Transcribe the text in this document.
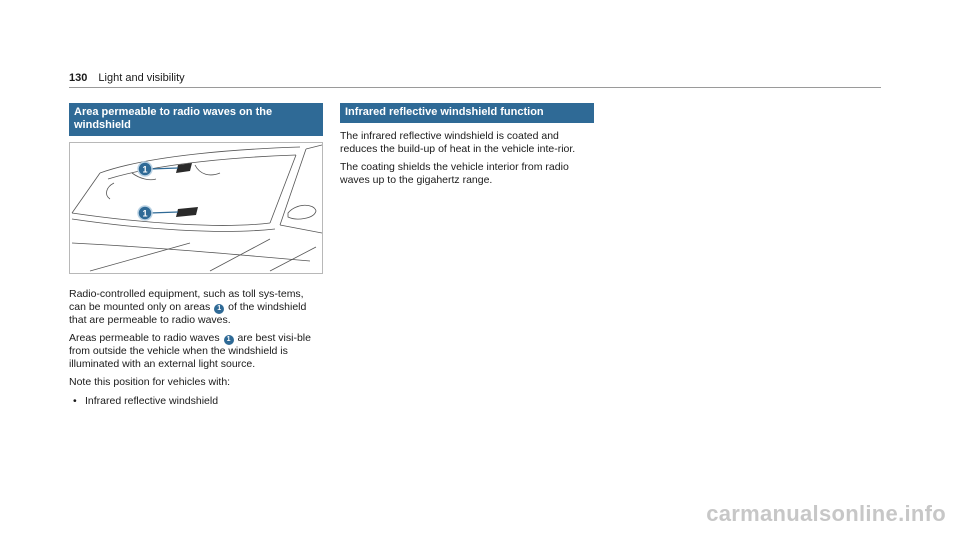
130 Light and visibility
Area permeable to radio waves on the windshield
1
1

Radio-controlled equipment, such as toll sys-tems, can be mounted only on areas 1 of the windshield that are permeable to radio waves.

Areas permeable to radio waves 1 are best visi-ble from outside the vehicle when the windshield is illuminated with an external light source.

Note this position for vehicles with:

• Infrared reflective windshield
Infrared reflective windshield function

The infrared reflective windshield is coated and reduces the build-up of heat in the vehicle inte-rior.

The coating shields the vehicle interior from radio waves up to the gigahertz range.

carmanualsonline.info
